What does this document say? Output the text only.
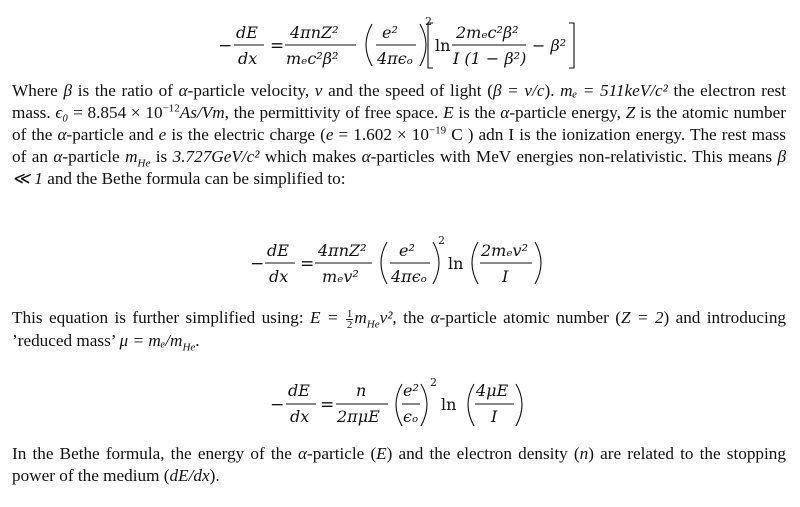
−
dE
dx
=
4πnZ²
mₑc²β²
e²
4πϵₒ
2
ln
2mₑc²β²
I (1 − β²)
− β²

Where β is the ratio of α-particle velocity, v and the speed of light (β = v/c). mₑ = 511keV/c² the electron rest mass. $\epsilon_0 = 8.854 \times 10^{-12}As/Vm$, the permittivity of free space. E is the α-particle energy, Z is the atomic number of the α-particle and e is the electric charge ($e = 1.602 \times 10^{-19}$ C ) adn I is the ionization energy. The rest mass of an α-particle $m_{He}$ is 3.727GeV/c² which makes α-particles with MeV energies non-relativistic. This means β ≪ 1 and the Bethe formula can be simplified to:

−
dE
dx
=
4πnZ²
mₑv²
e²
4πϵₒ
2
ln
2mₑv²
I

This equation is further simplified using: $E = \frac{1}{2} m_{He}v^2$, the α-particle atomic number (Z = 2) and introducing ’reduced mass’ $\mu = m_e/m_{He}$.

−
dE
dx
=
n
2πμE
e²
ϵₒ
2
ln
4μE
I

In the Bethe formula, the energy of the α-particle (E) and the electron density (n) are related to the stopping power of the medium (dE/dx).
